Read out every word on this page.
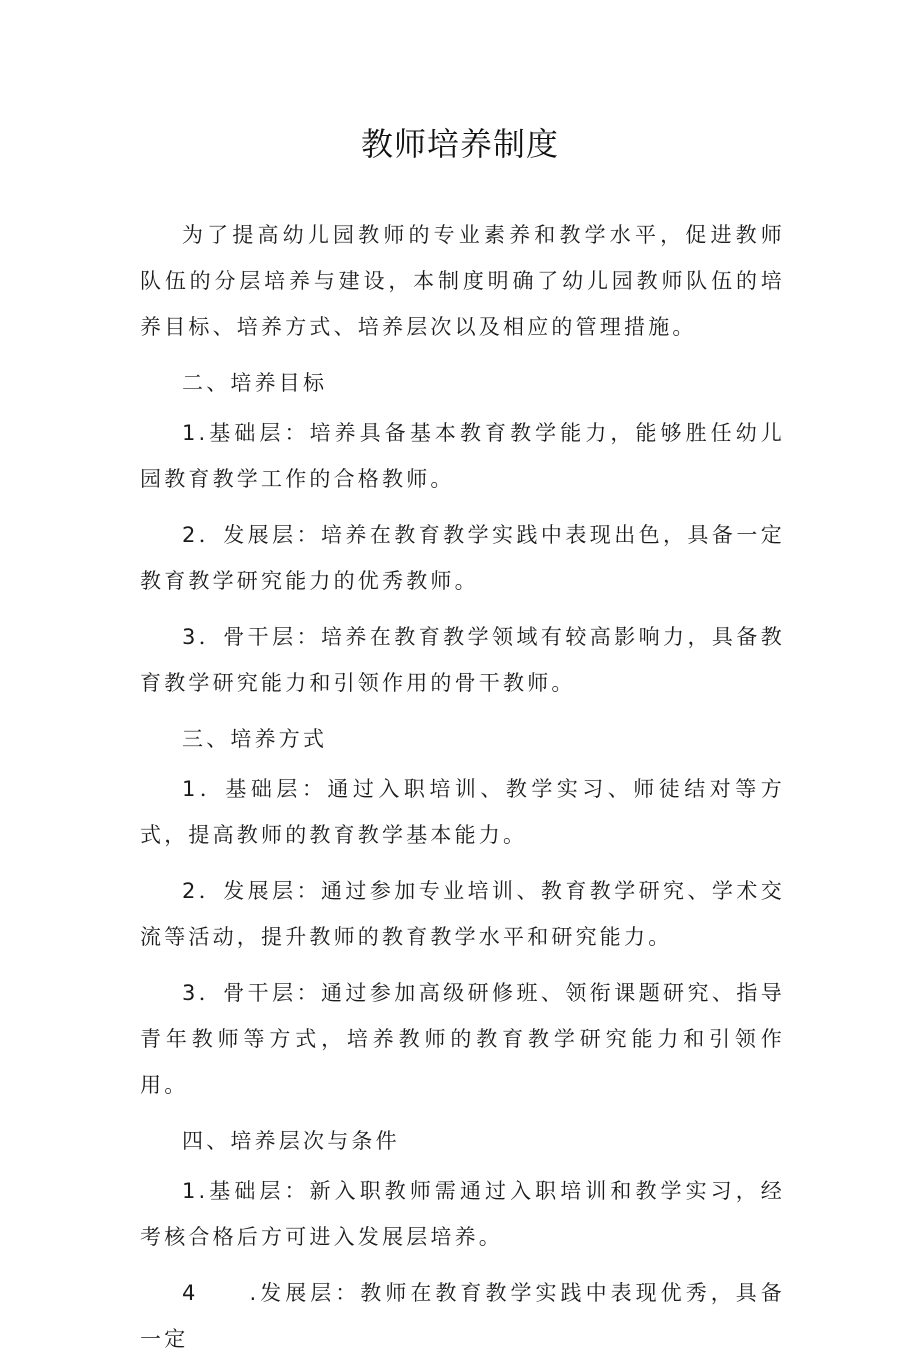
教师培养制度

为了提高幼儿园教师的专业素养和教学水平，促进教师队伍的分层培养与建设，本制度明确了幼儿园教师队伍的培养目标、培养方式、培养层次以及相应的管理措施。

二、培养目标

1.基础层：培养具备基本教育教学能力，能够胜任幼儿园教育教学工作的合格教师。

2．发展层：培养在教育教学实践中表现出色，具备一定教育教学研究能力的优秀教师。

3．骨干层：培养在教育教学领域有较高影响力，具备教育教学研究能力和引领作用的骨干教师。

三、培养方式

1．基础层：通过入职培训、教学实习、师徒结对等方式，提高教师的教育教学基本能力。

2．发展层：通过参加专业培训、教育教学研究、学术交流等活动，提升教师的教育教学水平和研究能力。

3．骨干层：通过参加高级研修班、领衔课题研究、指导青年教师等方式，培养教师的教育教学研究能力和引领作用。

四、培养层次与条件

1.基础层：新入职教师需通过入职培训和教学实习，经考核合格后方可进入发展层培养。

4　　.发展层：教师在教育教学实践中表现优秀，具备一定
